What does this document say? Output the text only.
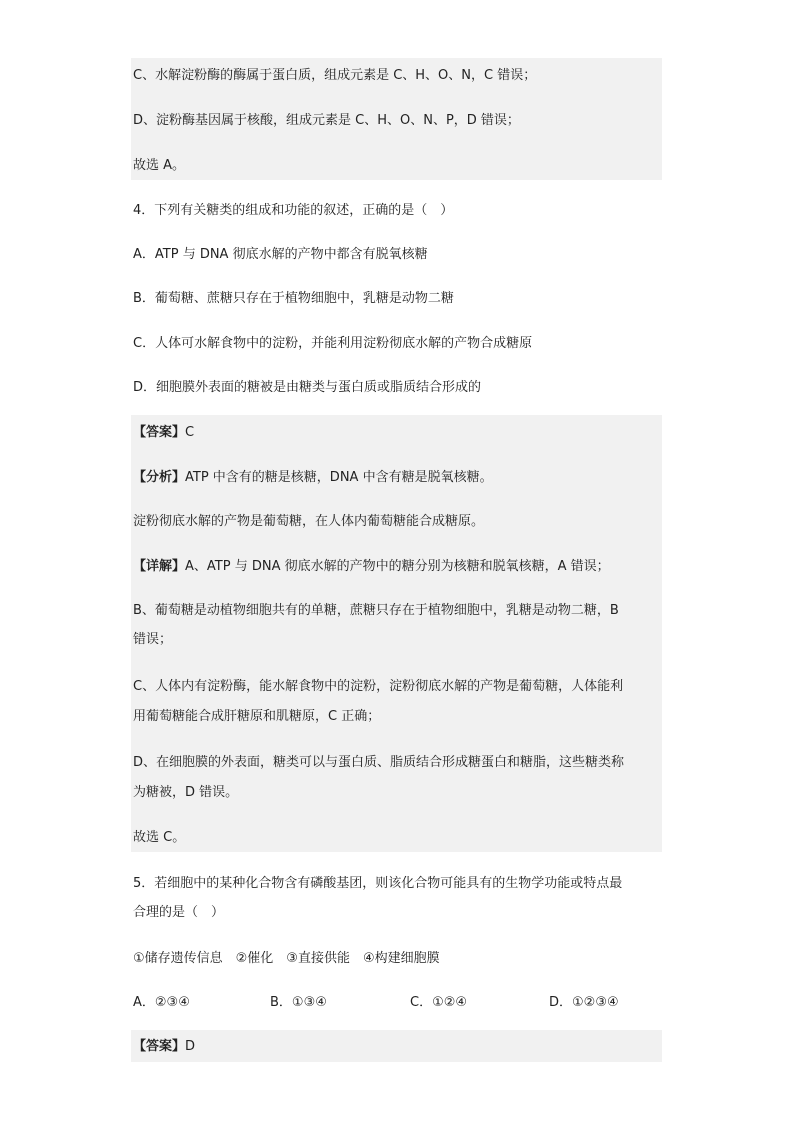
C、水解淀粉酶的酶属于蛋白质，组成元素是 C、H、O、N，C 错误；
D、淀粉酶基因属于核酸，组成元素是 C、H、O、N、P，D 错误；
故选 A。
4．下列有关糖类的组成和功能的叙述，正确的是（　）
A．ATP 与 DNA 彻底水解的产物中都含有脱氧核糖
B．葡萄糖、蔗糖只存在于植物细胞中，乳糖是动物二糖
C．人体可水解食物中的淀粉，并能利用淀粉彻底水解的产物合成糖原
D．细胞膜外表面的糖被是由糖类与蛋白质或脂质结合形成的
【答案】C
【分析】ATP 中含有的糖是核糖，DNA 中含有糖是脱氧核糖。
淀粉彻底水解的产物是葡萄糖，在人体内葡萄糖能合成糖原。
【详解】A、ATP 与 DNA 彻底水解的产物中的糖分别为核糖和脱氧核糖，A 错误；
B、葡萄糖是动植物细胞共有的单糖，蔗糖只存在于植物细胞中，乳糖是动物二糖，B
错误；
C、人体内有淀粉酶，能水解食物中的淀粉，淀粉彻底水解的产物是葡萄糖，人体能利
用葡萄糖能合成肝糖原和肌糖原，C 正确；
D、在细胞膜的外表面，糖类可以与蛋白质、脂质结合形成糖蛋白和糖脂，这些糖类称
为糖被，D 错误。
故选 C。
5．若细胞中的某种化合物含有磷酸基团，则该化合物可能具有的生物学功能或特点最
合理的是（　）
①储存遗传信息　②催化　③直接供能　④构建细胞膜
A．②③④	B．①③④	C．①②④	D．①②③④
【答案】D
